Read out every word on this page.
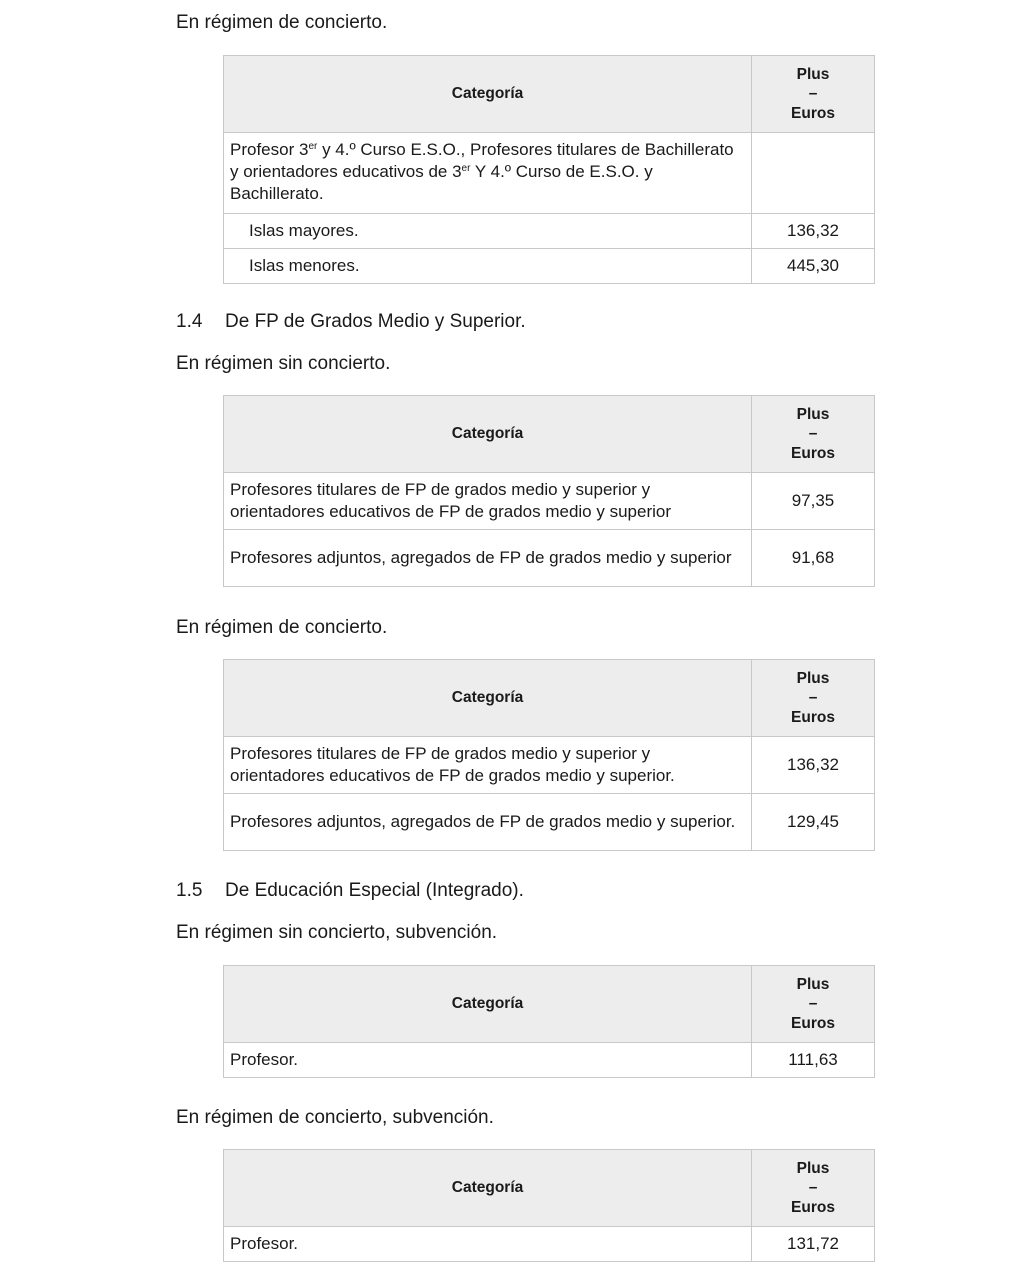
En régimen de concierto.

Categoría	Plus
–
Euros

Profesor 3er y 4.º Curso E.S.O., Profesores titulares de Bachillerato y orientadores educativos de 3er Y 4.º Curso de E.S.O. y Bachillerato.	
Islas mayores.	136,32
Islas menores.	445,30

1.4 De FP de Grados Medio y Superior.

En régimen sin concierto.

Categoría	Plus
–
Euros

Profesores titulares de FP de grados medio y superior y orientadores educativos de FP de grados medio y superior	97,35
Profesores adjuntos, agregados de FP de grados medio y superior	91,68

En régimen de concierto.

Categoría	Plus
–
Euros

Profesores titulares de FP de grados medio y superior y orientadores educativos de FP de grados medio y superior.	136,32
Profesores adjuntos, agregados de FP de grados medio y superior.	129,45

1.5 De Educación Especial (Integrado).

En régimen sin concierto, subvención.

Categoría	Plus
–
Euros

Profesor.	111,63

En régimen de concierto, subvención.

Categoría	Plus
–
Euros

Profesor.	131,72
